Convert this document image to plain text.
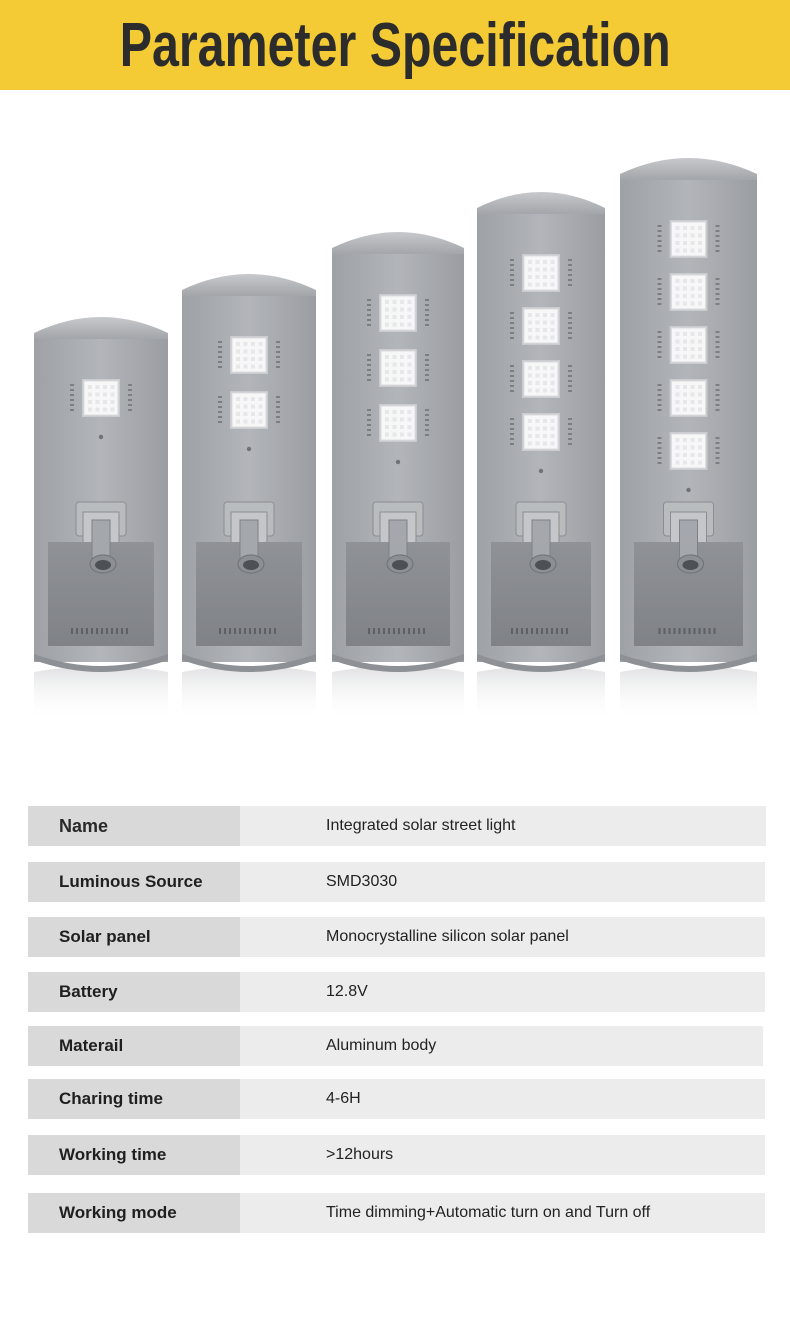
Parameter Specification
Name	Integrated solar street light
Luminous Source	SMD3030
Solar panel	Monocrystalline silicon solar panel
Battery	12.8V
Materail	Aluminum body
Charing time	4-6H
Working time	>12hours
Working mode	Time dimming+Automatic turn on and Turn off
